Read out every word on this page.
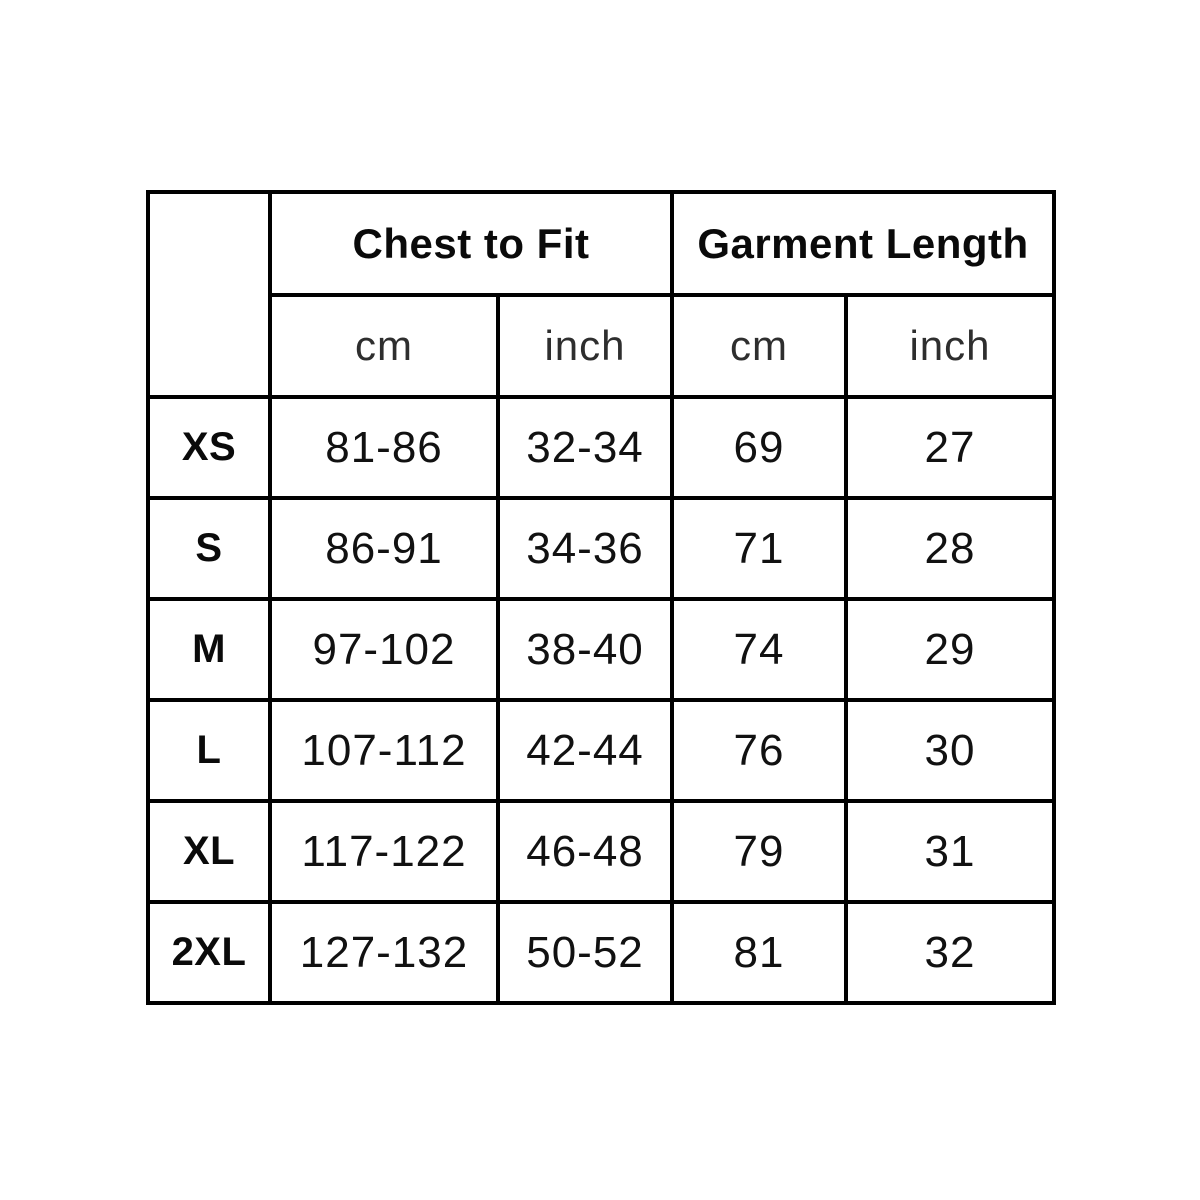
	Chest to Fit		Garment Length	
	cm	inch	cm	inch
XS	81-86	32-34	69	27
S	86-91	34-36	71	28
M	97-102	38-40	74	29
L	107-112	42-44	76	30
XL	117-122	46-48	79	31
2XL	127-132	50-52	81	32
